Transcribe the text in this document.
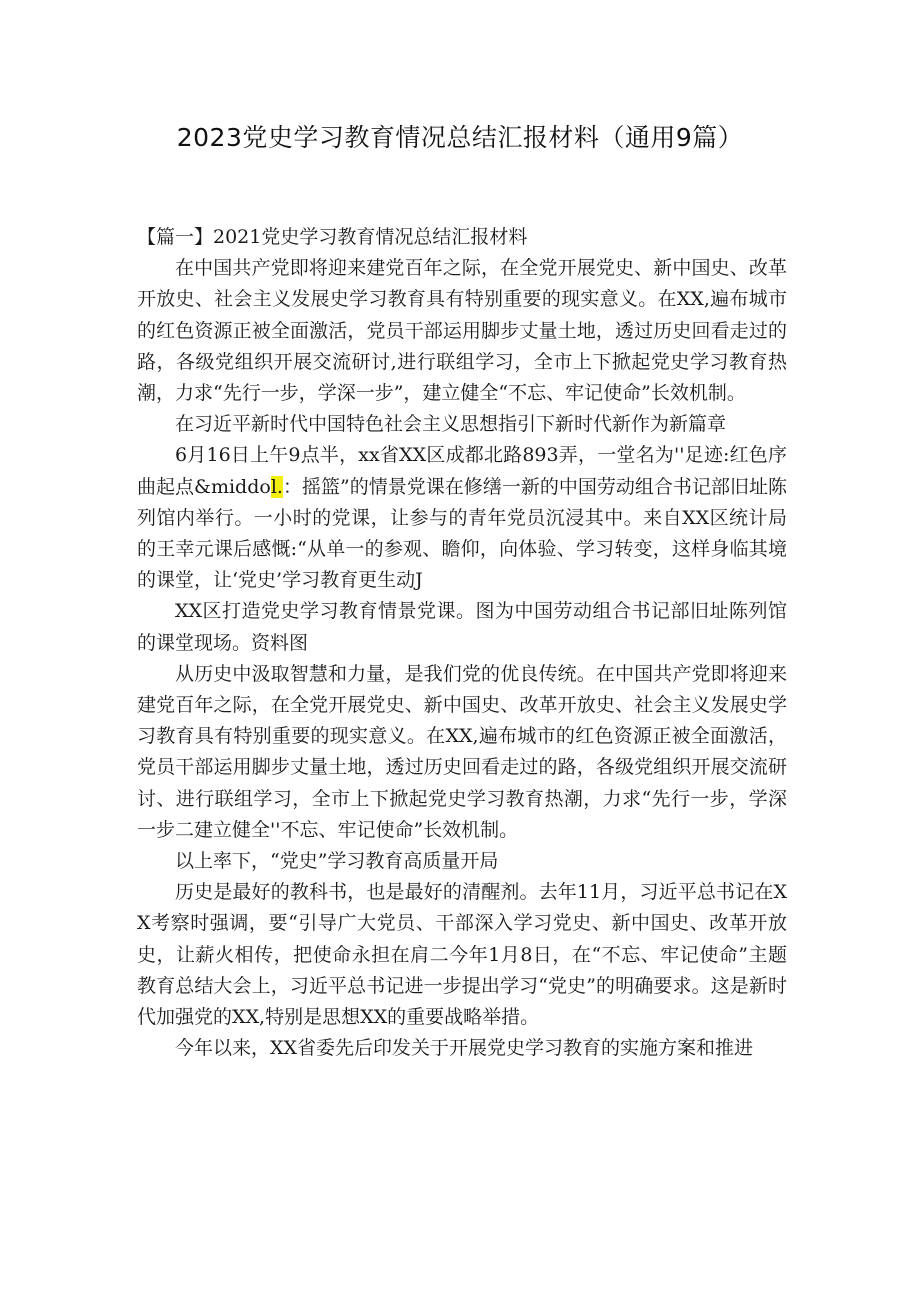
2023党史学习教育情况总结汇报材料（通用9篇）

【篇一】2021党史学习教育情况总结汇报材料

在中国共产党即将迎来建党百年之际，在全党开展党史、新中国史、改革开放史、社会主义发展史学习教育具有特别重要的现实意义。在XX,遍布城市的红色资源正被全面激活，党员干部运用脚步丈量土地，透过历史回看走过的路，各级党组织开展交流研讨,进行联组学习，全市上下掀起党史学习教育热潮，力求“先行一步，学深一步”，建立健全“不忘、牢记使命”长效机制。

在习近平新时代中国特色社会主义思想指引下新时代新作为新篇章

6月16日上午9点半，xx省XX区成都北路893弄，一堂名为''足迹:红色序曲起点&middol.：摇篮”的情景党课在修缮一新的中国劳动组合书记部旧址陈列馆内举行。一小时的党课，让参与的青年党员沉浸其中。来自XX区统计局的王幸元课后感慨:“从单一的参观、瞻仰，向体验、学习转变，这样身临其境的课堂，让‘党史’学习教育更生动J

XX区打造党史学习教育情景党课。图为中国劳动组合书记部旧址陈列馆的课堂现场。资料图

从历史中汲取智慧和力量，是我们党的优良传统。在中国共产党即将迎来建党百年之际，在全党开展党史、新中国史、改革开放史、社会主义发展史学习教育具有特别重要的现实意义。在XX,遍布城市的红色资源正被全面激活，党员干部运用脚步丈量土地，透过历史回看走过的路，各级党组织开展交流研讨、进行联组学习，全市上下掀起党史学习教育热潮，力求“先行一步，学深一步二建立健全''不忘、牢记使命”长效机制。

以上率下，“党史”学习教育高质量开局

历史是最好的教科书，也是最好的清醒剂。去年11月，习近平总书记在XX考察时强调，要“引导广大党员、干部深入学习党史、新中国史、改革开放史，让薪火相传，把使命永担在肩二今年1月8日，在“不忘、牢记使命”主题教育总结大会上，习近平总书记进一步提出学习“党史”的明确要求。这是新时代加强党的XX,特别是思想XX的重要战略举措。

今年以来，XX省委先后印发关于开展党史学习教育的实施方案和推进
